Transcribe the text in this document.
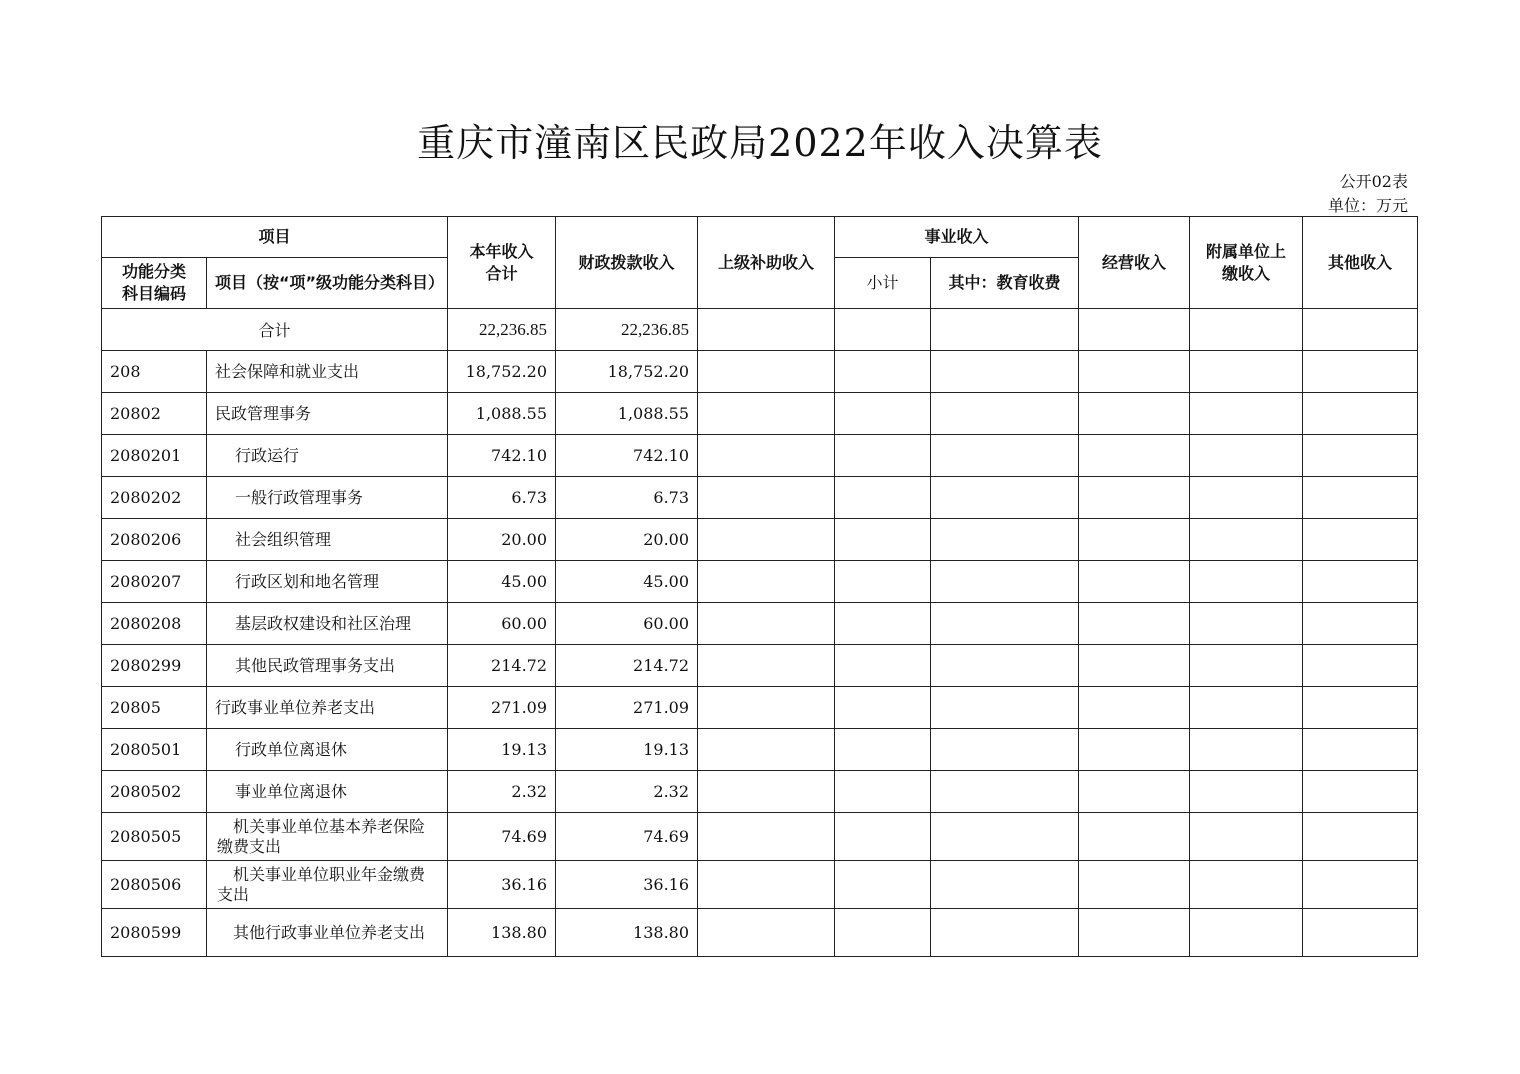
重庆市潼南区民政局2022年收入决算表
公开02表
单位：万元
项目		本年收入合计	财政拨款收入	上级补助收入	事业收入		经营收入	附属单位上缴收入	其他收入

功能分类科目编码	项目（按“项”级功能分类科目）				小计	其中：教育收费			
合计		22,236.85	22,236.85						
208	社会保障和就业支出	18,752.20	18,752.20						
20802	民政管理事务	1,088.55	1,088.55						
2080201	行政运行	742.10	742.10						
2080202	一般行政管理事务	6.73	6.73						
2080206	社会组织管理	20.00	20.00						
2080207	行政区划和地名管理	45.00	45.00						
2080208	基层政权建设和社区治理	60.00	60.00						
2080299	其他民政管理事务支出	214.72	214.72						
20805	行政事业单位养老支出	271.09	271.09						
2080501	行政单位离退休	19.13	19.13						
2080502	事业单位离退休	2.32	2.32						
2080505	机关事业单位基本养老保险缴费支出	74.69	74.69						
2080506	机关事业单位职业年金缴费支出	36.16	36.16						
2080599	其他行政事业单位养老支出	138.80	138.80						
